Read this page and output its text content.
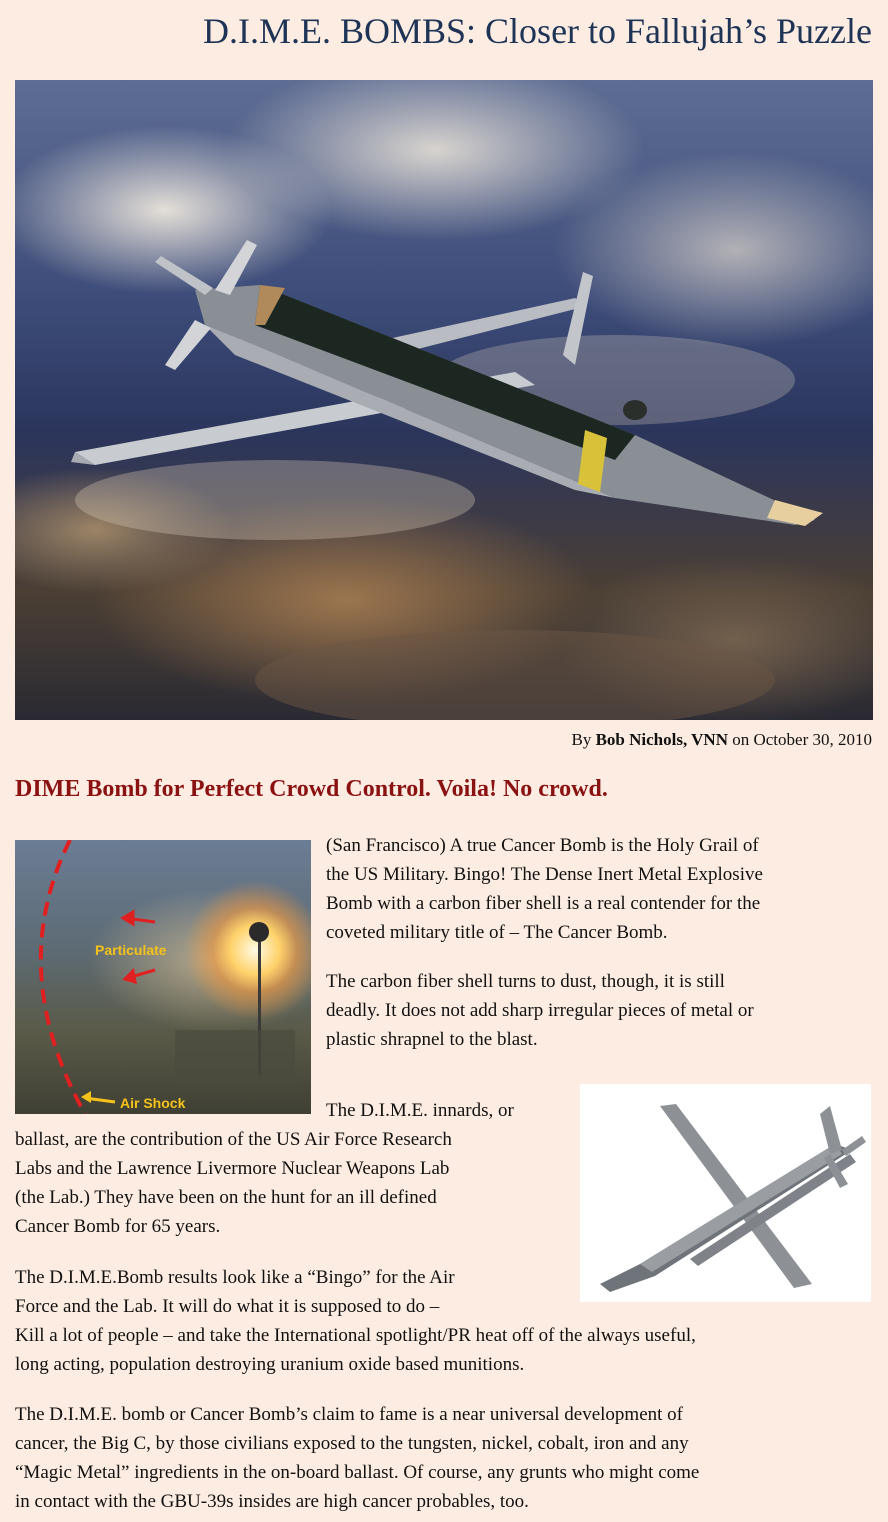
D.I.M.E. BOMBS: Closer to Fallujah’s Puzzle
By Bob Nichols, VNN on October 30, 2010
DIME Bomb for Perfect Crowd Control. Voila! No crowd.
Particulate
Air Shock
(San Francisco) A true Cancer Bomb is the Holy Grail of
the US Military. Bingo! The Dense Inert Metal Explosive
Bomb with a carbon fiber shell is a real contender for the
coveted military title of – The Cancer Bomb.
The carbon fiber shell turns to dust, though, it is still
deadly. It does not add sharp irregular pieces of metal or
plastic shrapnel to the blast.
The D.I.M.E. innards, or
ballast, are the contribution of the US Air Force Research
Labs and the Lawrence Livermore Nuclear Weapons Lab
(the Lab.) They have been on the hunt for an ill defined
Cancer Bomb for 65 years.
The D.I.M.E.Bomb results look like a “Bingo” for the Air
Force and the Lab. It will do what it is supposed to do –
Kill a lot of people – and take the International spotlight/PR heat off of the always useful,
long acting, population destroying uranium oxide based munitions.
The D.I.M.E. bomb or Cancer Bomb’s claim to fame is a near universal development of
cancer, the Big C, by those civilians exposed to the tungsten, nickel, cobalt, iron and any
“Magic Metal” ingredients in the on-board ballast. Of course, any grunts who might come
in contact with the GBU-39s insides are high cancer probables, too.
